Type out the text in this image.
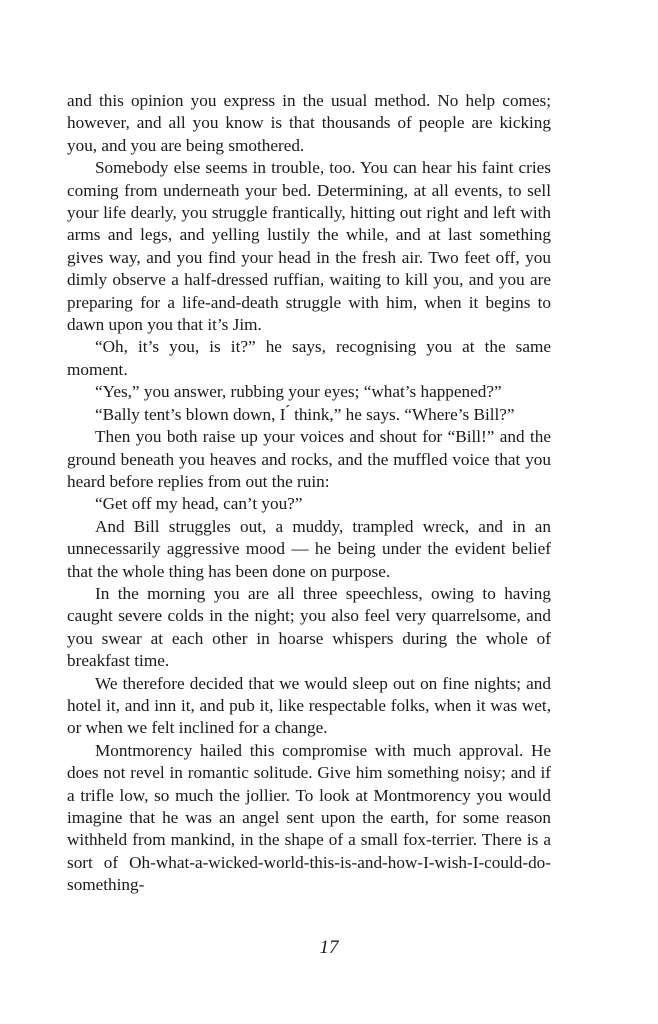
and this opinion you express in the usual method. No help comes; however, and all you know is that thousands of people are kicking you, and you are being smothered.

Somebody else seems in trouble, too. You can hear his faint cries coming from underneath your bed. Determining, at all events, to sell your life dearly, you struggle frantically, hitting out right and left with arms and legs, and yelling lustily the while, and at last something gives way, and you find your head in the fresh air. Two feet off, you dimly observe a half-dressed ruffian, waiting to kill you, and you are preparing for a life-and-death struggle with him, when it begins to dawn upon you that it’s Jim.

“Oh, it’s you, is it?” he says, recognising you at the same moment.

“Yes,” you answer, rubbing your eyes; “what’s happened?”

“Bally tent’s blown down, I ́ think,” he says. “Where’s Bill?”

Then you both raise up your voices and shout for “Bill!” and the ground beneath you heaves and rocks, and the muffled voice that you heard before replies from out the ruin:

“Get off my head, can’t you?”

And Bill struggles out, a muddy, trampled wreck, and in an unnecessarily aggressive mood — he being under the evident belief that the whole thing has been done on purpose.

In the morning you are all three speechless, owing to having caught severe colds in the night; you also feel very quarrelsome, and you swear at each other in hoarse whispers during the whole of breakfast time.

We therefore decided that we would sleep out on fine nights; and hotel it, and inn it, and pub it, like respectable folks, when it was wet, or when we felt inclined for a change.

Montmorency hailed this compromise with much approval. He does not revel in romantic solitude. Give him something noisy; and if a trifle low, so much the jollier. To look at Montmorency you would imagine that he was an angel sent upon the earth, for some reason withheld from mankind, in the shape of a small fox-terrier. There is a sort of Oh-what-a-wicked-world-this-is-and-how-I-wish-I-could-do-something-

17
